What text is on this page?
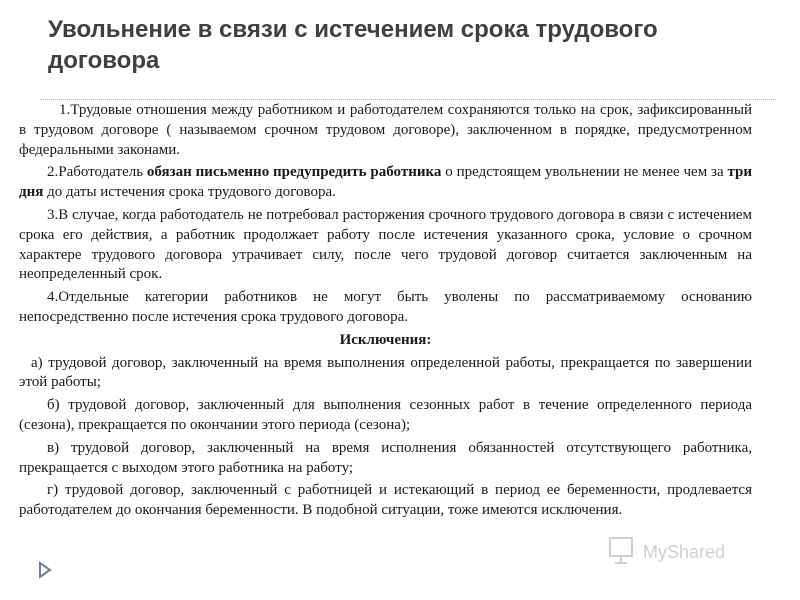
Увольнение в связи с истечением срока трудового договора

1.Трудовые отношения между работником и работодателем сохраняются только на срок, зафиксированный в трудовом договоре ( называемом срочном трудовом договоре), заключенном в порядке, предусмотренном федеральными законами.

2.Работодатель обязан письменно предупредить работника о предстоящем увольнении не менее чем за три дня до даты истечения срока трудового договора.

3.В случае, когда работодатель не потребовал расторжения срочного трудового договора в связи с истечением срока его действия, а работник продолжает работу после истечения указанного срока, условие о срочном характере трудового договора утрачивает силу, после чего трудовой договор считается заключенным на неопределенный срок.

4.Отдельные категории работников не могут быть уволены по рассматриваемому основанию непосредственно после истечения срока трудового договора.

Исключения:

а) трудовой договор, заключенный на время выполнения определенной работы, прекращается по завершении этой работы;

б) трудовой договор, заключенный для выполнения сезонных работ в течение определенного периода (сезона), прекращается по окончании этого периода (сезона);

в) трудовой договор, заключенный на время исполнения обязанностей отсутствующего работника, прекращается с выходом этого работника на работу;

г) трудовой договор, заключенный с работницей и истекающий в период ее беременности, продлевается работодателем до окончания беременности. В подобной ситуации, тоже имеются исключения.

MyShared
